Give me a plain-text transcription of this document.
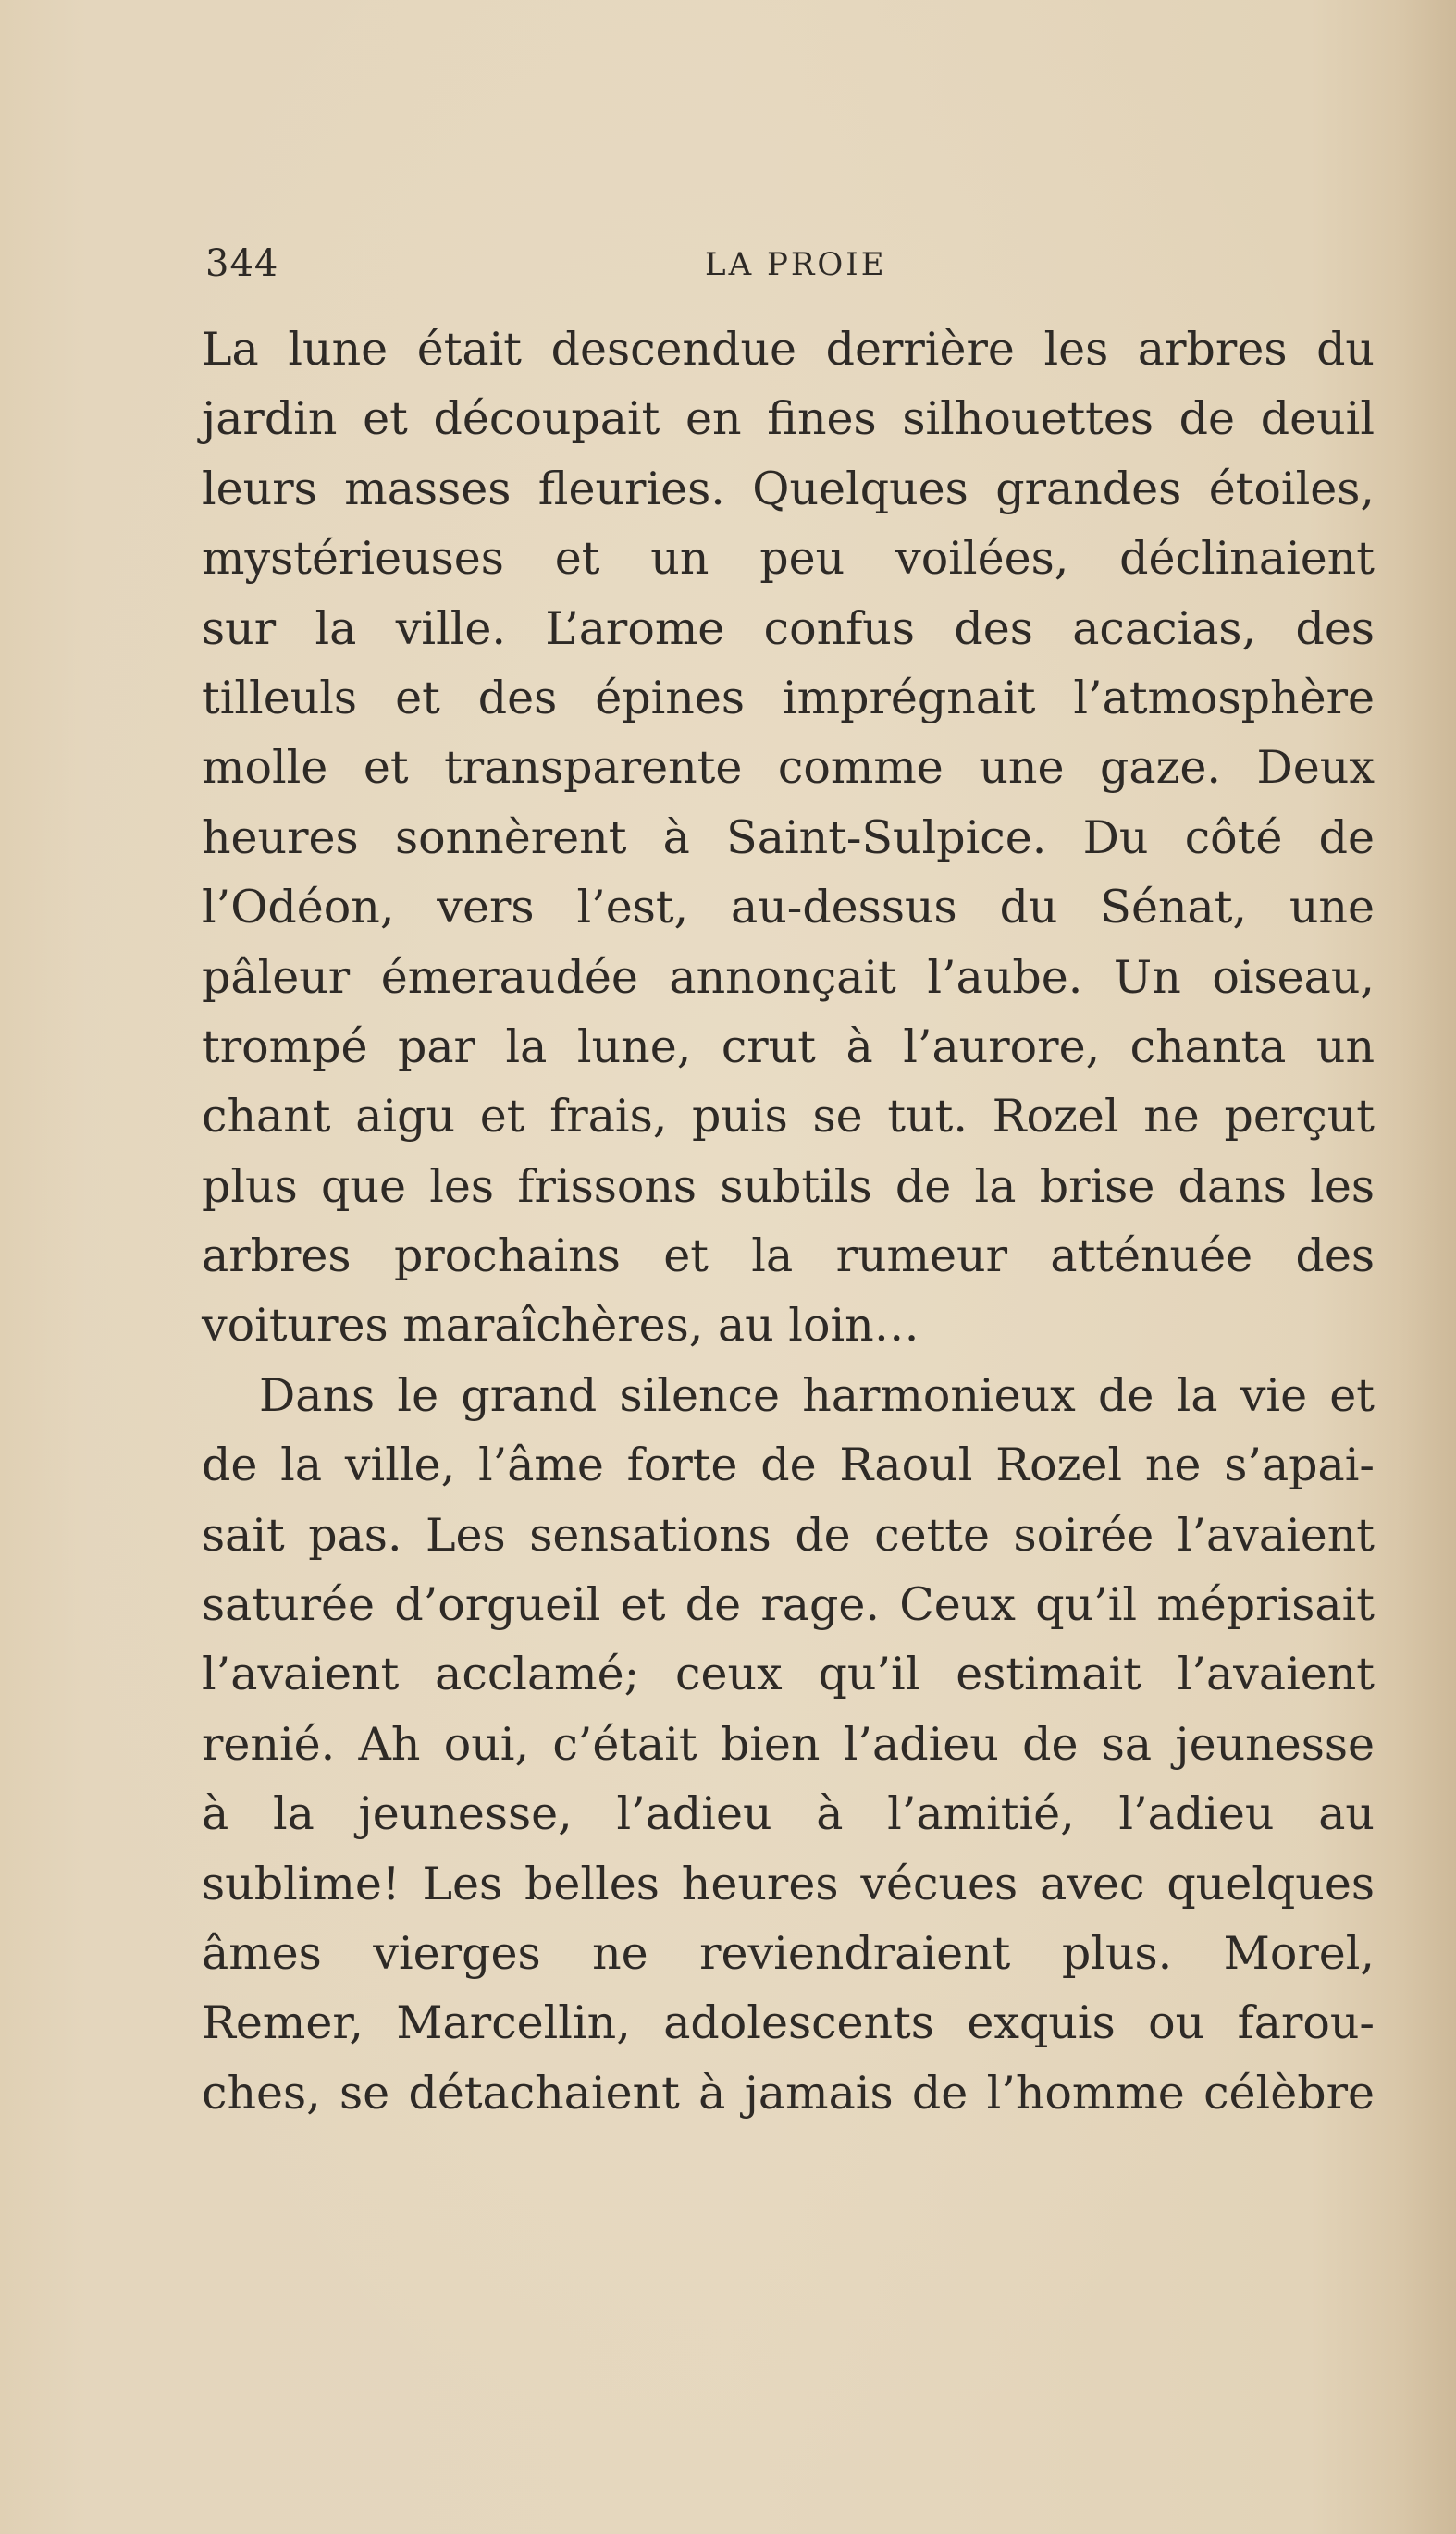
344	LA PROIE
La lune était descendue derrière les arbres du
jardin et découpait en fines silhouettes de deuil
leurs masses fleuries. Quelques grandes étoiles,
mystérieuses et un peu voilées, déclinaient
sur la ville. L’arome confus des acacias, des
tilleuls et des épines imprégnait l’atmosphère
molle et transparente comme une gaze. Deux
heures sonnèrent à Saint-Sulpice. Du côté de
l’Odéon, vers l’est, au-dessus du Sénat, une
pâleur émeraudée annonçait l’aube. Un oiseau,
trompé par la lune, crut à l’aurore, chanta un
chant aigu et frais, puis se tut. Rozel ne perçut
plus que les frissons subtils de la brise dans les
arbres prochains et la rumeur atténuée des
voitures maraîchères, au loin…
Dans le grand silence harmonieux de la vie et
de la ville, l’âme forte de Raoul Rozel ne s’apai-
sait pas. Les sensations de cette soirée l’avaient
saturée d’orgueil et de rage. Ceux qu’il méprisait
l’avaient acclamé; ceux qu’il estimait l’avaient
renié. Ah oui, c’était bien l’adieu de sa jeunesse
à la jeunesse, l’adieu à l’amitié, l’adieu au
sublime! Les belles heures vécues avec quelques
âmes vierges ne reviendraient plus. Morel,
Remer, Marcellin, adolescents exquis ou farou-
ches, se détachaient à jamais de l’homme célèbre
